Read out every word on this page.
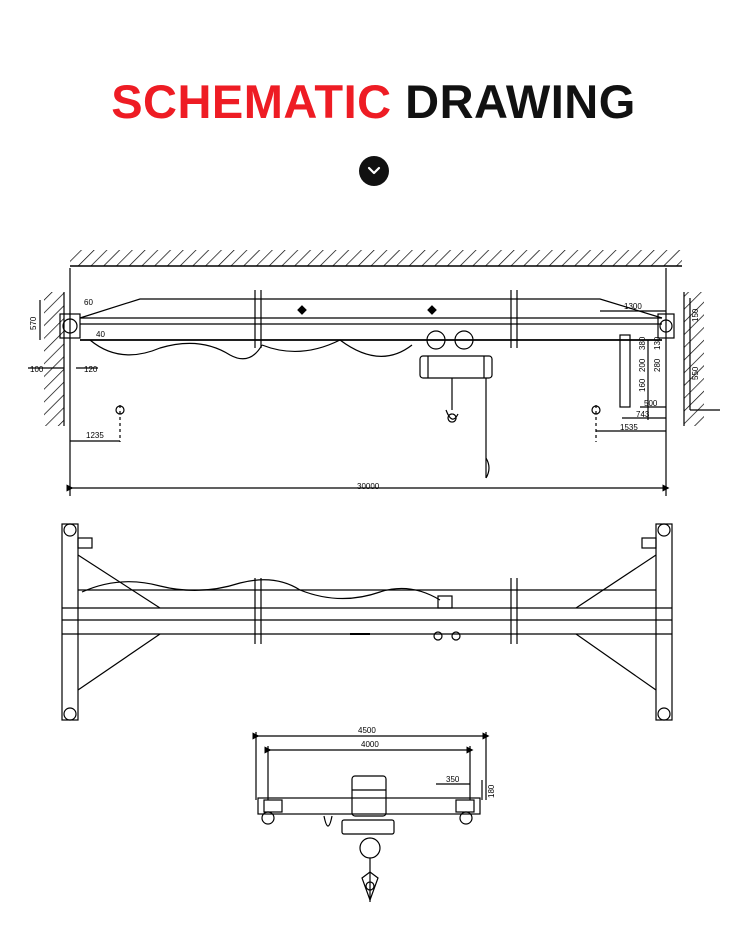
SCHEMATIC DRAWING
30000
1235
1535
743
500
1300
60
100	120
570
40
150
550
380
200
130
280
160
4500
4000
350
180
